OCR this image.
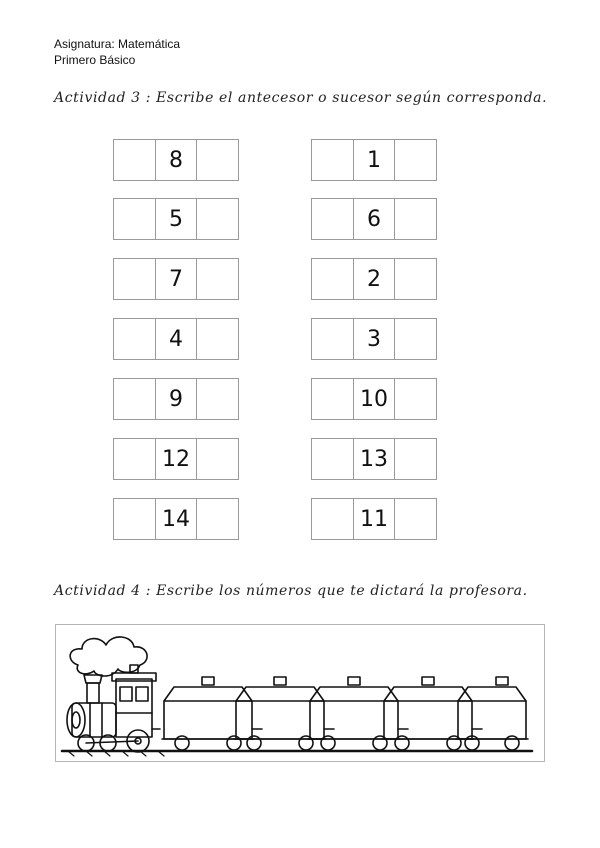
Asignatura: Matemática
Primero Básico
Actividad 3 : Escribe el antecesor o sucesor según corresponda.
8
5
7
4
9
12
14
1
6
2
3
10
13
11
Actividad 4 : Escribe los números que te dictará la profesora.
